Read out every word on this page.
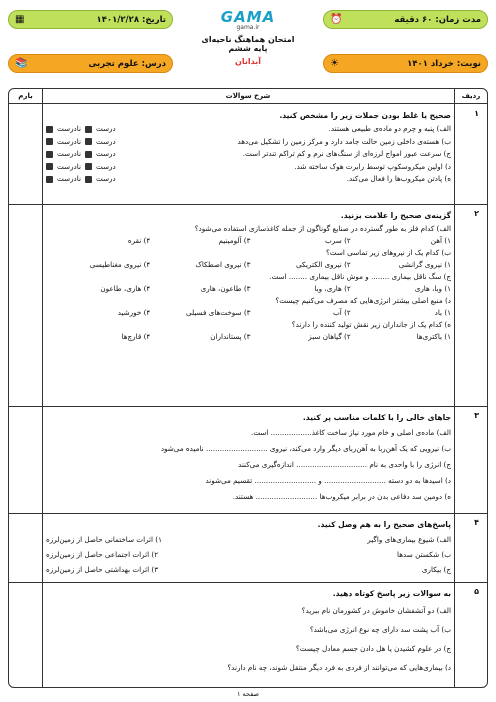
مدت زمان: ۶۰ دقیقه
⏰
▦	تاریخ: ۱۴۰۱/۲/۲۸
نوبت: خرداد ۱۴۰۱
☀
📚	درس: علوم تجربی
GAMA
gama.ir
امتحان هماهنگ ناحیه‌ای پایه ششم
آبدانان
ردیف
شرح سوالات
بارم
۱
صحیح یا غلط بودن جملات زیر را مشخص کنید.
الف) پنبه و چرم دو ماده‌ی طبیعی هستند.
درست
نادرست
ب) هسته‌ی داخلی زمین حالت جامد دارد و مرکز زمین را تشکیل می‌دهد
درست
نادرست
ج) سرعت عبور امواج لرزه‌ای از سنگ‌های نرم و کم تراکم تندتر است.
درست
نادرست
د) اولین میکروسکوپ توسط رابرت هوک ساخته شد.
درست
نادرست
ه) پادتن میکروب‌ها را فعال می‌کند.
درست
نادرست
۲
گزینه‌ی صحیح را علامت بزنید.
الف) کدام فلز به طور گسترده در صنایع گوناگون از جمله کاغذسازی استفاده می‌شود؟
۱) آهن
۲) سرب
۳) آلومینیم
۴) نقره
ب) کدام یک از نیروهای زیر تماسی است؟
۱) نیروی گرانشی
۲) نیروی الکتریکی
۳) نیروی اصطکاک
۴) نیروی مغناطیسی
ج) سگ ناقل بیماری ........ و موش ناقل بیماری ........ است.
۱) وبا، هاری
۲) هاری، وبا
۳) طاعون، هاری
۴) هاری، طاعون
د) منبع اصلی بیشتر انرژی‌هایی که مصرف می‌کنیم چیست؟
۱) باد
۲) آب
۳) سوخت‌های فسیلی
۴) خورشید
ه) کدام یک از جانداران زیر نقش تولید کننده را دارند؟
۱) باکتری‌ها
۲) گیاهان سبز
۳) پستانداران
۴) قارچ‌ها
۳
جاهای خالی را با کلمات مناسب پر کنید.
الف) ماده‌ی اصلی و خام مورد نیاز ساخت کاغذ.................. است.
ب) نیرویی که یک آهن‌ربا به آهن‌ربای دیگر وارد می‌کند، نیروی ........................... نامیده می‌شود
ج) انرژی را با واحدی به نام ............................... اندازه‌گیری می‌کنند
د) اسیدها به دو دسته ........................... و ........................... تقسیم می‌شوند
ه) دومین سد دفاعی بدن در برابر میکروب‌ها ........................... هستند.
۴
پاسخ‌های صحیح را به هم وصل کنید.
الف) شیوع بیماری‌های واگیر
۱) اثرات ساختمانی حاصل از زمین‌لرزه
ب) شکستن سدها
۲) اثرات اجتماعی حاصل از زمین‌لرزه
ج) بیکاری
۳) اثرات بهداشتی حاصل از زمین‌لرزه
۵
به سوالات زیر پاسخ کوتاه دهید.
الف) دو آتشفشان خاموش در کشورمان نام ببرید؟
ب) آب پشت سد دارای چه نوع انرژی می‌باشد؟
ج) در علوم کشیدن یا هل دادن جسم معادل چیست؟
د) بیماری‌هایی که می‌توانند از فردی به فرد دیگر منتقل شوند، چه نام دارند؟
صفحه ۱
